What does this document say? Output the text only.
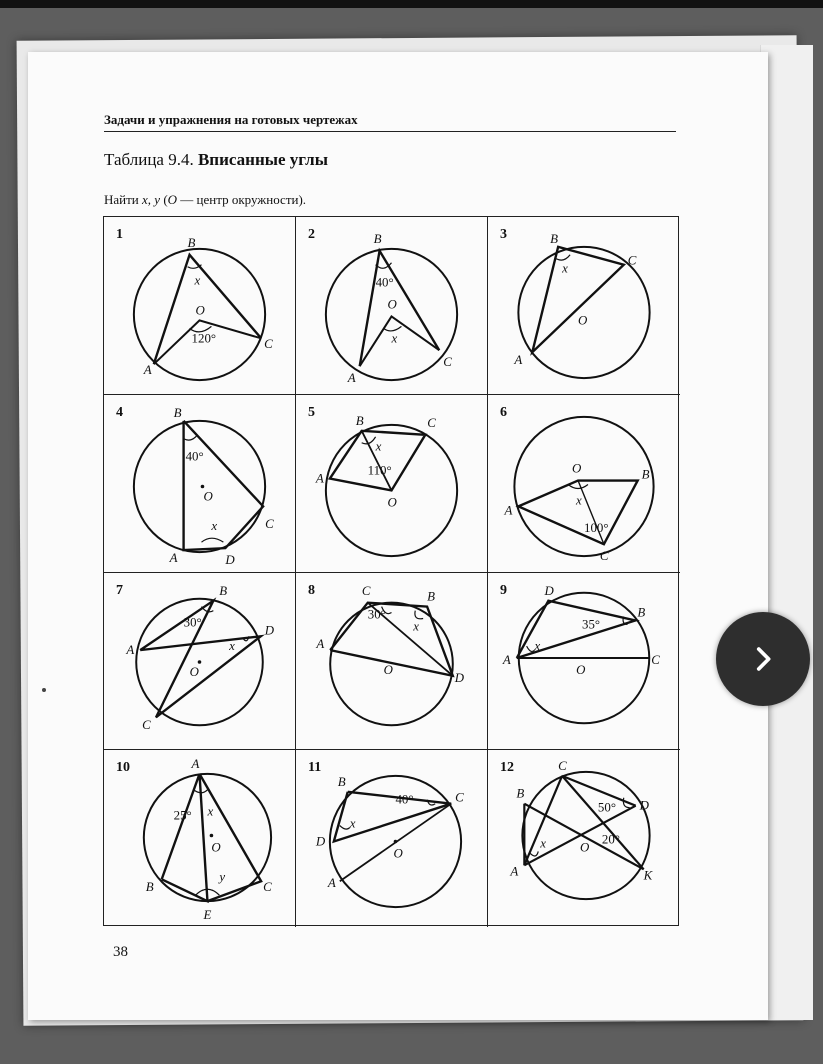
Задачи и упражнения на готовых чертежах
Таблица 9.4. Вписанные углы
Найти x, y (O — центр окружности).
1
B
x
O
120°	C
A
2	B
40°
O
x
C
A
3	B
x
C
O
A
4	B
40°
O
x	C
A	D
5
B	C
x
A
110°
O
6
O	B
x
A
100°
C
7	B
30°
D
A	x
O
C
8	C	B
30°
x
A
O
D
9	D
35°
B
x
A
O
C
10	A
25° x
O
y
B	C
E
11
B
40°	C
x
D
O
A
12	C
B
50° D
x	O
20°
A	K
38
